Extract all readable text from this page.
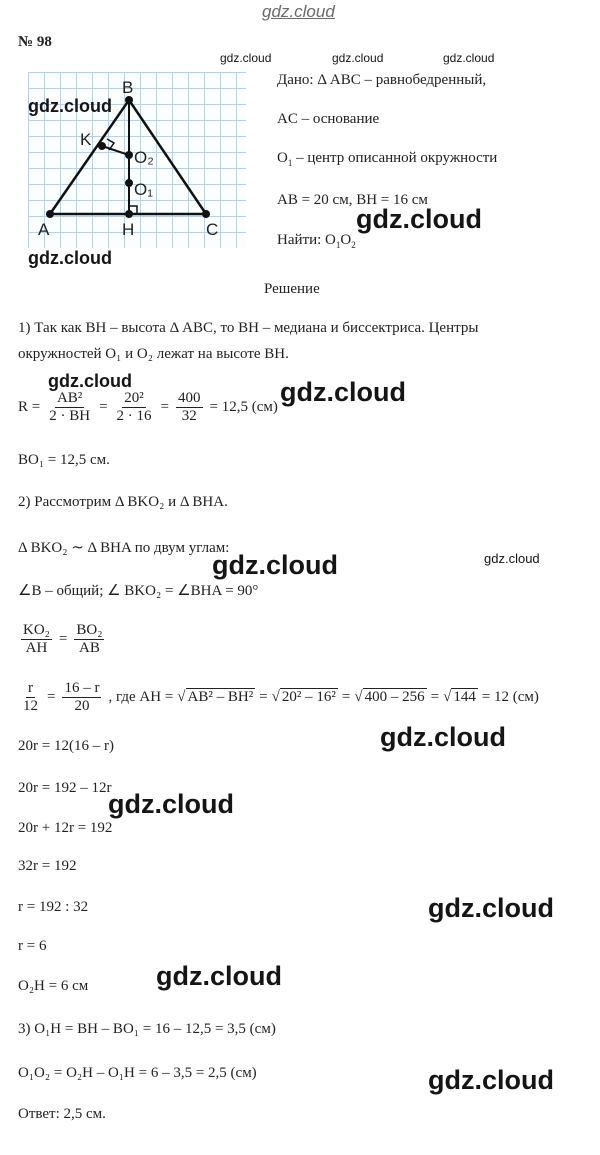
gdz.cloud
№ 98
gdz.cloud	gdz.cloud	gdz.cloud
B
K
O₂
O₁
A	H	C
gdz.cloud
gdz.cloud
Дано: Δ ABC – равнобедренный,
AC – основание
$O_1$ – центр описанной окружности
AB = 20 см, BH = 16 см
Найти: $O_1O_2$
gdz.cloud
Решение
1) Так как BH – высота Δ ABC, то BH – медиана и биссектриса. Центры
окружностей O₁ и O₂ лежат на высоте BH.
gdz.cloud	gdz.cloud
$R = \frac{\text{AB²}}{2 \cdot BH} = \frac{\text{20²}}{2 \cdot 16} = \frac{400}{32} = 12,5$ (см)
BO₁ = 12,5 см.
2) Рассмотрим Δ BKO₂ и Δ BHA.
Δ BKO₂ ∼ Δ BHA по двум углам:
gdz.cloud
gdz.cloud
∠B – общий; ∠ BKO₂ = ∠BHA = 90°
$\frac{\text{KO₂}}{AH} = \frac{\text{BO₂}}{AB}$
$\frac{r}{12} = \frac{16 - r}{20}$ , где AH = √ AB² – BH² = √ 20² – 16² = √ 400 – 256 = √ 144 = 12 (см)
gdz.cloud
20r = 12(16 – r)
20r = 192 – 12r
gdz.cloud
20r + 12r = 192
32r = 192
r = 192 : 32	gdz.cloud
r = 6
gdz.cloud
O₂H = 6 см
3) O₁H = BH – BO₁ = 16 – 12,5 = 3,5 (см)
O₁O₂ = O₂H – O₁H = 6 – 3,5 = 2,5 (см)	gdz.cloud
Ответ: 2,5 см.
